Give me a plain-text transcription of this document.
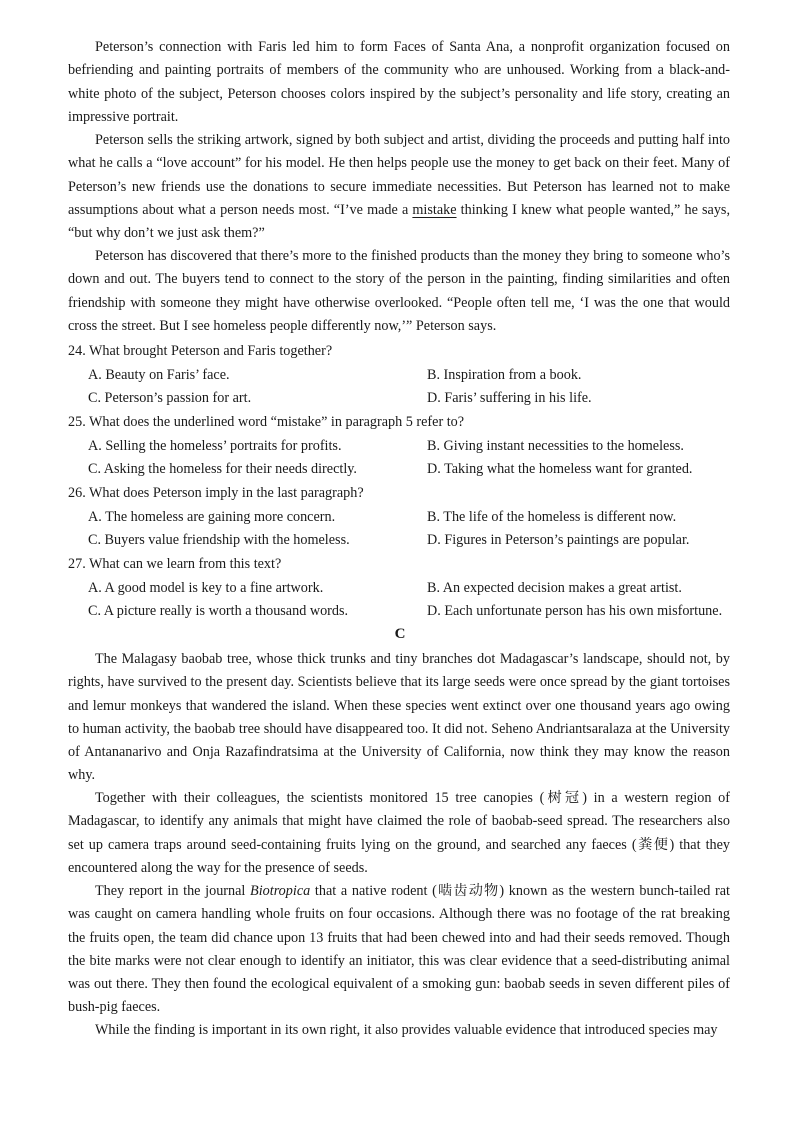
Peterson’s connection with Faris led him to form Faces of Santa Ana, a nonprofit organization focused on befriending and painting portraits of members of the community who are unhoused. Working from a black-and-white photo of the subject, Peterson chooses colors inspired by the subject’s personality and life story, creating an impressive portrait.

Peterson sells the striking artwork, signed by both subject and artist, dividing the proceeds and putting half into what he calls a “love account” for his model. He then helps people use the money to get back on their feet. Many of Peterson’s new friends use the donations to secure immediate necessities. But Peterson has learned not to make assumptions about what a person needs most. “I’ve made a mistake thinking I knew what people wanted,” he says, “but why don’t we just ask them?”

Peterson has discovered that there’s more to the finished products than the money they bring to someone who’s down and out. The buyers tend to connect to the story of the person in the painting, finding similarities and often friendship with someone they might have otherwise overlooked. “People often tell me, ‘I was the one that would cross the street. But I see homeless people differently now,’” Peterson says.

24. What brought Peterson and Faris together?

A. Beauty on Faris’ face.	B. Inspiration from a book.

C. Peterson’s passion for art.	D. Faris’ suffering in his life.

25. What does the underlined word “mistake” in paragraph 5 refer to?

A. Selling the homeless’ portraits for profits.	B. Giving instant necessities to the homeless.

C. Asking the homeless for their needs directly.	D. Taking what the homeless want for granted.

26. What does Peterson imply in the last paragraph?

A. The homeless are gaining more concern.	B. The life of the homeless is different now.

C. Buyers value friendship with the homeless.	D. Figures in Peterson’s paintings are popular.

27. What can we learn from this text?

A. A good model is key to a fine artwork.	B. An expected decision makes a great artist.

C. A picture really is worth a thousand words.	D. Each unfortunate person has his own misfortune.

C

The Malagasy baobab tree, whose thick trunks and tiny branches dot Madagascar’s landscape, should not, by rights, have survived to the present day. Scientists believe that its large seeds were once spread by the giant tortoises and lemur monkeys that wandered the island. When these species went extinct over one thousand years ago owing to human activity, the baobab tree should have disappeared too. It did not. Seheno Andriantsaralaza at the University of Antananarivo and Onja Razafindratsima at the University of California, now think they may know the reason why.

Together with their colleagues, the scientists monitored 15 tree canopies (树冠) in a western region of Madagascar, to identify any animals that might have claimed the role of baobab-seed spread. The researchers also set up camera traps around seed-containing fruits lying on the ground, and searched any faeces (粪便) that they encountered along the way for the presence of seeds.

They report in the journal Biotropica that a native rodent (啮齿动物) known as the western bunch-tailed rat was caught on camera handling whole fruits on four occasions. Although there was no footage of the rat breaking the fruits open, the team did chance upon 13 fruits that had been chewed into and had their seeds removed. Though the bite marks were not clear enough to identify an initiator, this was clear evidence that a seed-distributing animal was out there. They then found the ecological equivalent of a smoking gun: baobab seeds in seven different piles of bush-pig faeces.

While the finding is important in its own right, it also provides valuable evidence that introduced species may
